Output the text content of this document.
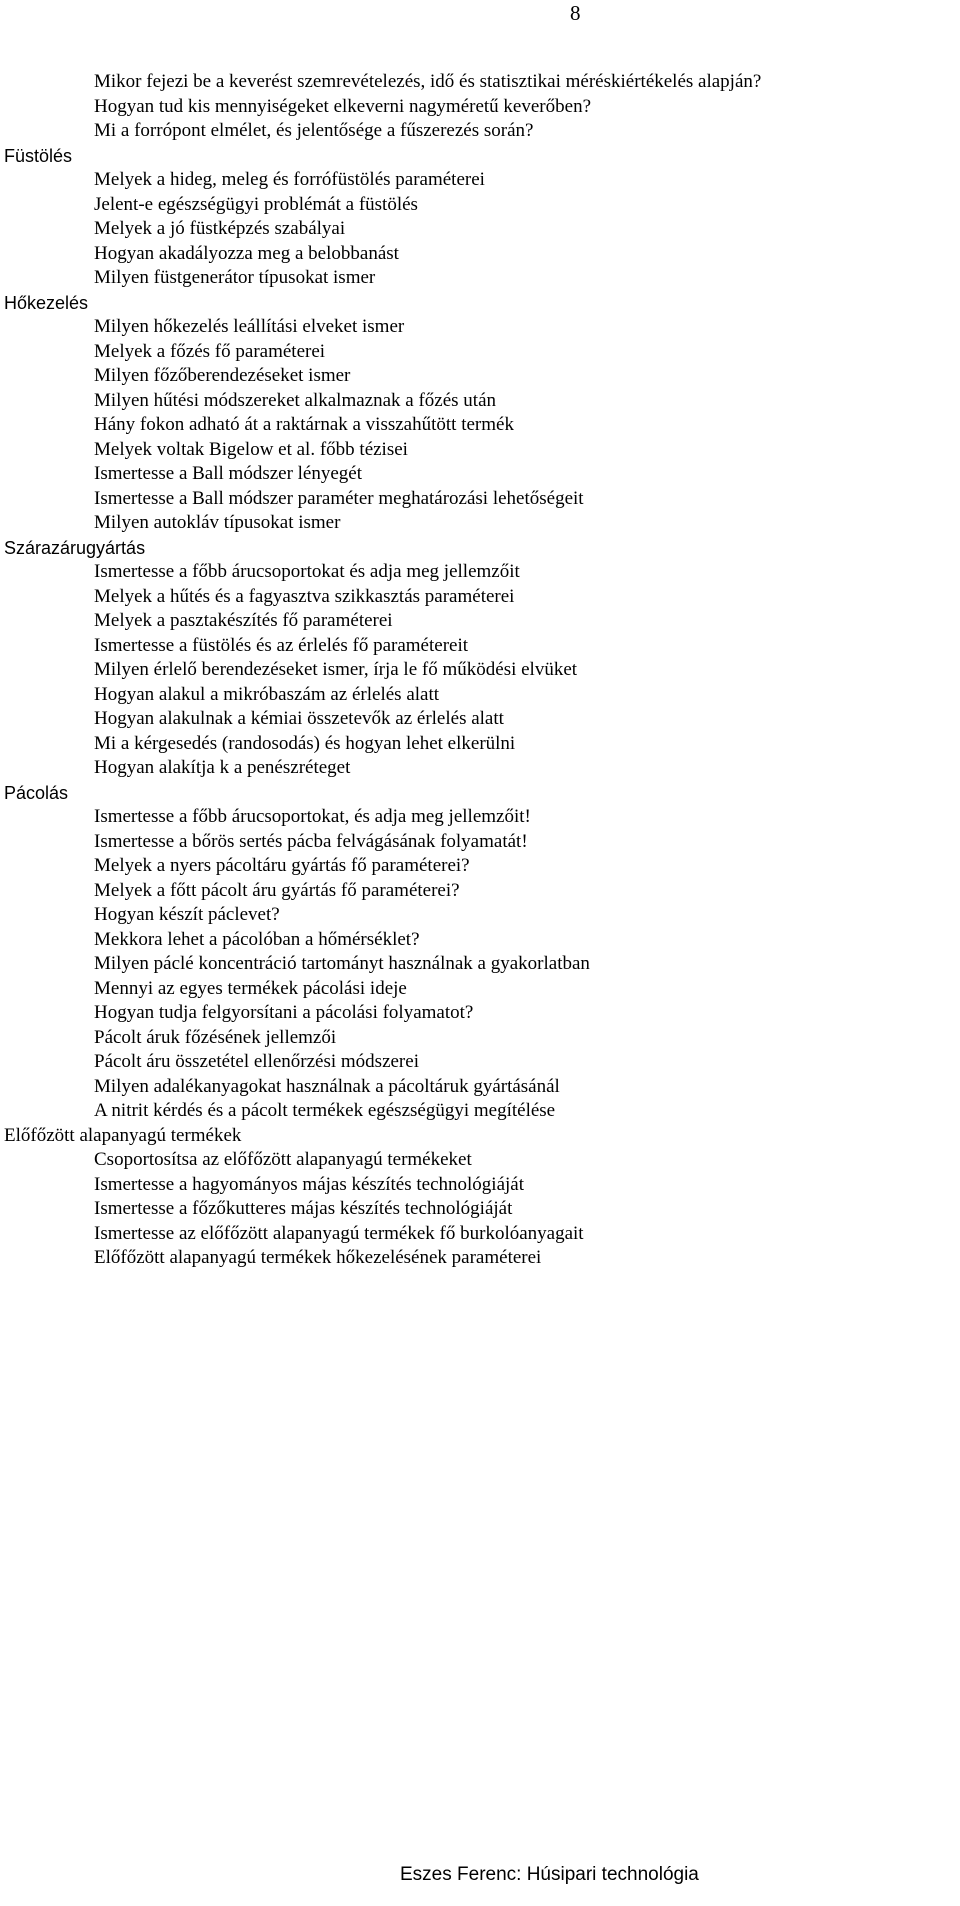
8
Mikor fejezi be a keverést szemrevételezés, idő és statisztikai méréskiértékelés alapján?
Hogyan tud kis mennyiségeket elkeverni nagyméretű keverőben?
Mi a forrópont elmélet, és jelentősége a fűszerezés során?
Füstölés
Melyek a hideg, meleg és forrófüstölés paraméterei
Jelent-e egészségügyi problémát a füstölés
Melyek a jó füstképzés szabályai
Hogyan akadályozza meg a belobbanást
Milyen füstgenerátor típusokat ismer
Hőkezelés
Milyen hőkezelés leállítási elveket ismer
Melyek a főzés fő paraméterei
Milyen főzőberendezéseket ismer
Milyen hűtési módszereket alkalmaznak a főzés után
Hány fokon adható át a raktárnak a visszahűtött termék
Melyek voltak Bigelow et al. főbb tézisei
Ismertesse a Ball módszer lényegét
Ismertesse a Ball módszer paraméter meghatározási lehetőségeit
Milyen autokláv típusokat ismer
Szárazárugyártás
Ismertesse a főbb árucsoportokat és adja meg jellemzőit
Melyek a hűtés és a fagyasztva szikkasztás paraméterei
Melyek a pasztakészítés fő paraméterei
Ismertesse a füstölés és az érlelés fő paramétereit
Milyen érlelő berendezéseket ismer, írja le fő működési elvüket
Hogyan alakul a mikróbaszám az érlelés alatt
Hogyan alakulnak a kémiai összetevők az érlelés alatt
Mi a kérgesedés (randosodás) és hogyan lehet elkerülni
Hogyan alakítja k a penészréteget
Pácolás
Ismertesse a főbb árucsoportokat, és adja meg jellemzőit!
Ismertesse a bőrös sertés pácba felvágásának folyamatát!
Melyek a nyers pácoltáru gyártás fő paraméterei?
Melyek a főtt pácolt áru gyártás fő paraméterei?
Hogyan készít páclevet?
Mekkora lehet a pácolóban a hőmérséklet?
Milyen páclé koncentráció tartományt használnak a gyakorlatban
Mennyi az egyes termékek pácolási ideje
Hogyan tudja felgyorsítani a pácolási folyamatot?
Pácolt áruk főzésének jellemzői
Pácolt áru összetétel ellenőrzési módszerei
Milyen adalékanyagokat használnak a pácoltáruk gyártásánál
A nitrit kérdés és a pácolt termékek egészségügyi megítélése
Előfőzött alapanyagú termékek
Csoportosítsa az előfőzött alapanyagú termékeket
Ismertesse a hagyományos májas készítés technológiáját
Ismertesse a főzőkutteres májas készítés technológiáját
Ismertesse az előfőzött alapanyagú termékek fő burkolóanyagait
Előfőzött alapanyagú termékek hőkezelésének paraméterei
Eszes Ferenc: Húsipari technológia
